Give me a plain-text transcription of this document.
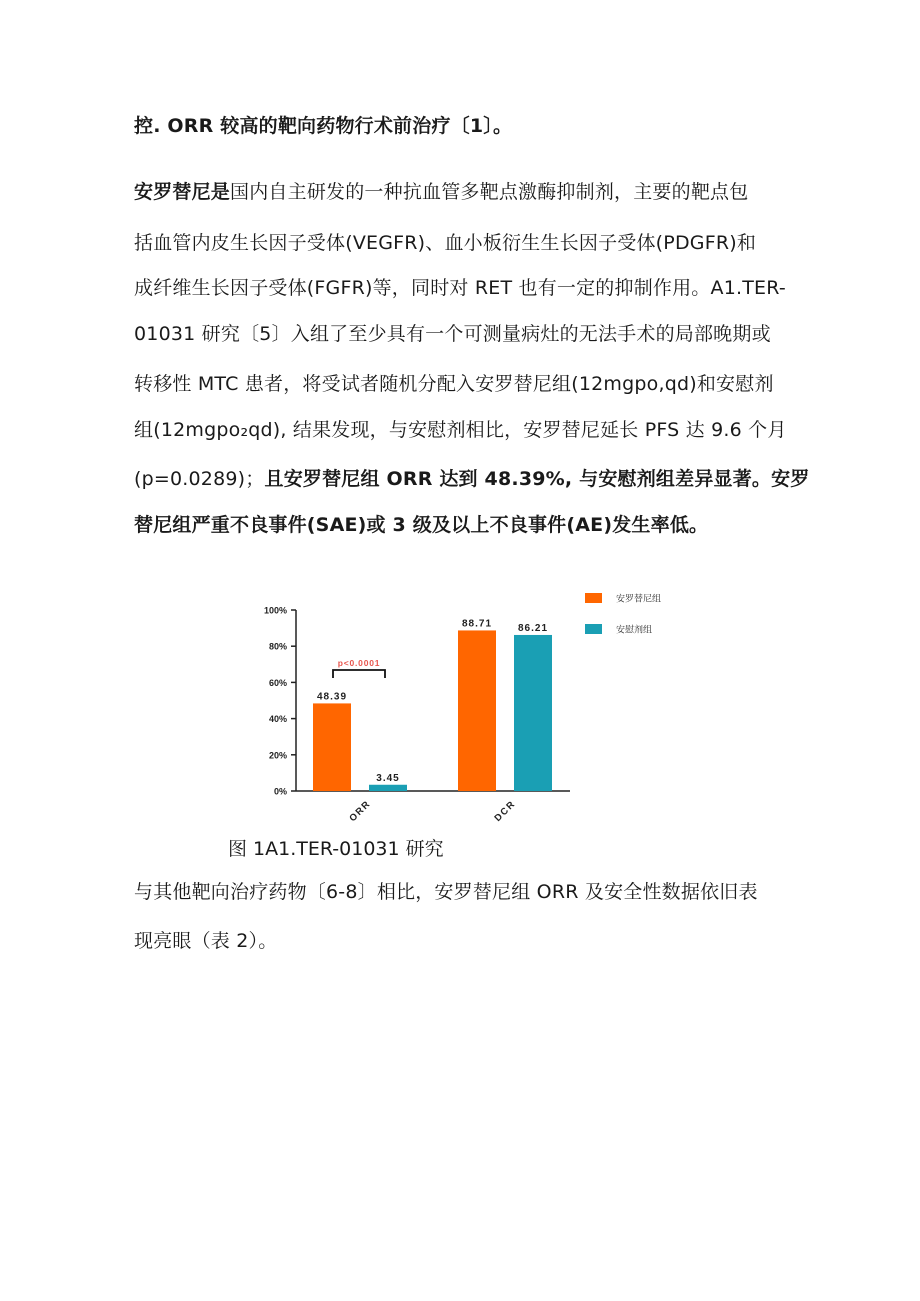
控. ORR 较高的靶向药物行术前治疗〔1〕。
安罗替尼是国内自主研发的一种抗血管多靶点激酶抑制剂，主要的靶点包
括血管内皮生长因子受体(VEGFR)、血小板衍生生长因子受体(PDGFR)和
成纤维生长因子受体(FGFR)等，同时对 RET 也有一定的抑制作用。A1.TER-
01031 研究〔5〕入组了至少具有一个可测量病灶的无法手术的局部晚期或
转移性 MTC 患者，将受试者随机分配入安罗替尼组(12mgpo,qd)和安慰剂
组(12mgpo₂qd), 结果发现，与安慰剂相比，安罗替尼延长 PFS 达 9.6 个月
(p=0.0289)；且安罗替尼组 ORR 达到 48.39%, 与安慰剂组差异显著。安罗
替尼组严重不良事件(SAE)或 3 级及以上不良事件(AE)发生率低。
0%
20%
40%
60%
80%
100%
ORR	DCR
48.39
3.45
88.71	86.21
p<0.0001
安罗替尼组
安慰剂组
图 1A1.TER-01031 研究
与其他靶向治疗药物〔6-8〕相比，安罗替尼组 ORR 及安全性数据依旧表
现亮眼（表 2）。
